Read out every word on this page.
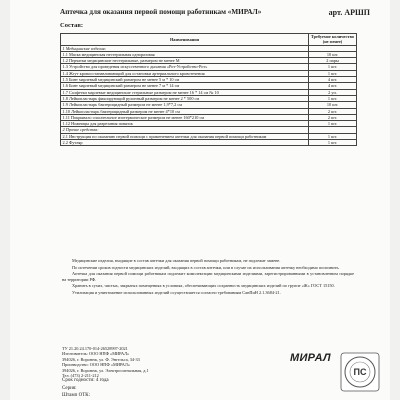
Аптечка для оказания первой помощи работникам «МИРАЛ»	арт. АРШП
Состав:
Наименования	Требуемое количество (не менее)
1 Медицинские изделия:	
1.1 Маска медицинская нестерильная одноразовая	10 шт.
1.2 Перчатки медицинские нестерильные, размером не менее М	2 пары
1.3 Устройство для проведения искусственного дыхания «Рот-Устройство-Рот»	1 шт.
1.4 Жгут кровоостанавливающий для остановки артериального кровотечения	1 шт.
1.5 Бинт марлевый медицинский размером не менее 5 м * 10 см	4 шт.
1.6 Бинт марлевый медицинский размером не менее 7 м * 14 см	4 шт.
1.7 Салфетки марлевые медицинские стерильные размером не менее 16 * 14 см № 10	2 уп.
1.8 Лейкопластырь фиксирующий рулонный размером не менее 2 * 500 см	1 шт.
1.9 Лейкопластырь бактерицидный размером не менее 1,9*7,2 см	10 шт.
1.10 Лейкопластырь бактерицидный размером не менее 4*10 см	2 шт.
1.11 Покрывало спасательное изотермическое размером не менее 160*210 см	2 шт.
1.12 Ножницы для разрезания повязок	1 шт.
2 Прочие средства:	
2.1 Инструкция по оказанию первой помощи с применением аптечки для оказания первой помощи работникам	1 шт.
2.2 Футляр	1 шт.

Медицинские изделия, входящие в состав аптечки для оказания первой помощи работникам, не подлежат замене.

По истечении сроков годности медицинских изделий, входящих в состав аптечки, или в случае их использования аптечку необходимо пополнить.

Аптечка для оказания первой помощи работникам подлежит комплектации медицинскими изделиями, зарегистрированными в установленном порядке на территории РФ.

Хранить в сухих, чистых, закрытых помещениях в условиях, обеспечивающих сохранность медицинских изделий по группе «Ж» ГОСТ 15150.

Утилизация и уничтожение использованных изделий осуществляется согласно требованиям СанПиН 2.1.3684-21.

ТУ 21.20.24.170-014-26528997-2021
Изготовитель: ООО НПФ «МИРАЛ»
394026, г. Воронеж, ул. Ф. Энгельса, 34-33
Производство: ООО НПФ «МИРАЛ»
394026, г. Воронеж, ул. Электросигнальная, д.1
Тел. (473) 2-211-212
Срок годности: 4 года
Серия:
Штамп ОТК:
МИРАЛ
ПС
